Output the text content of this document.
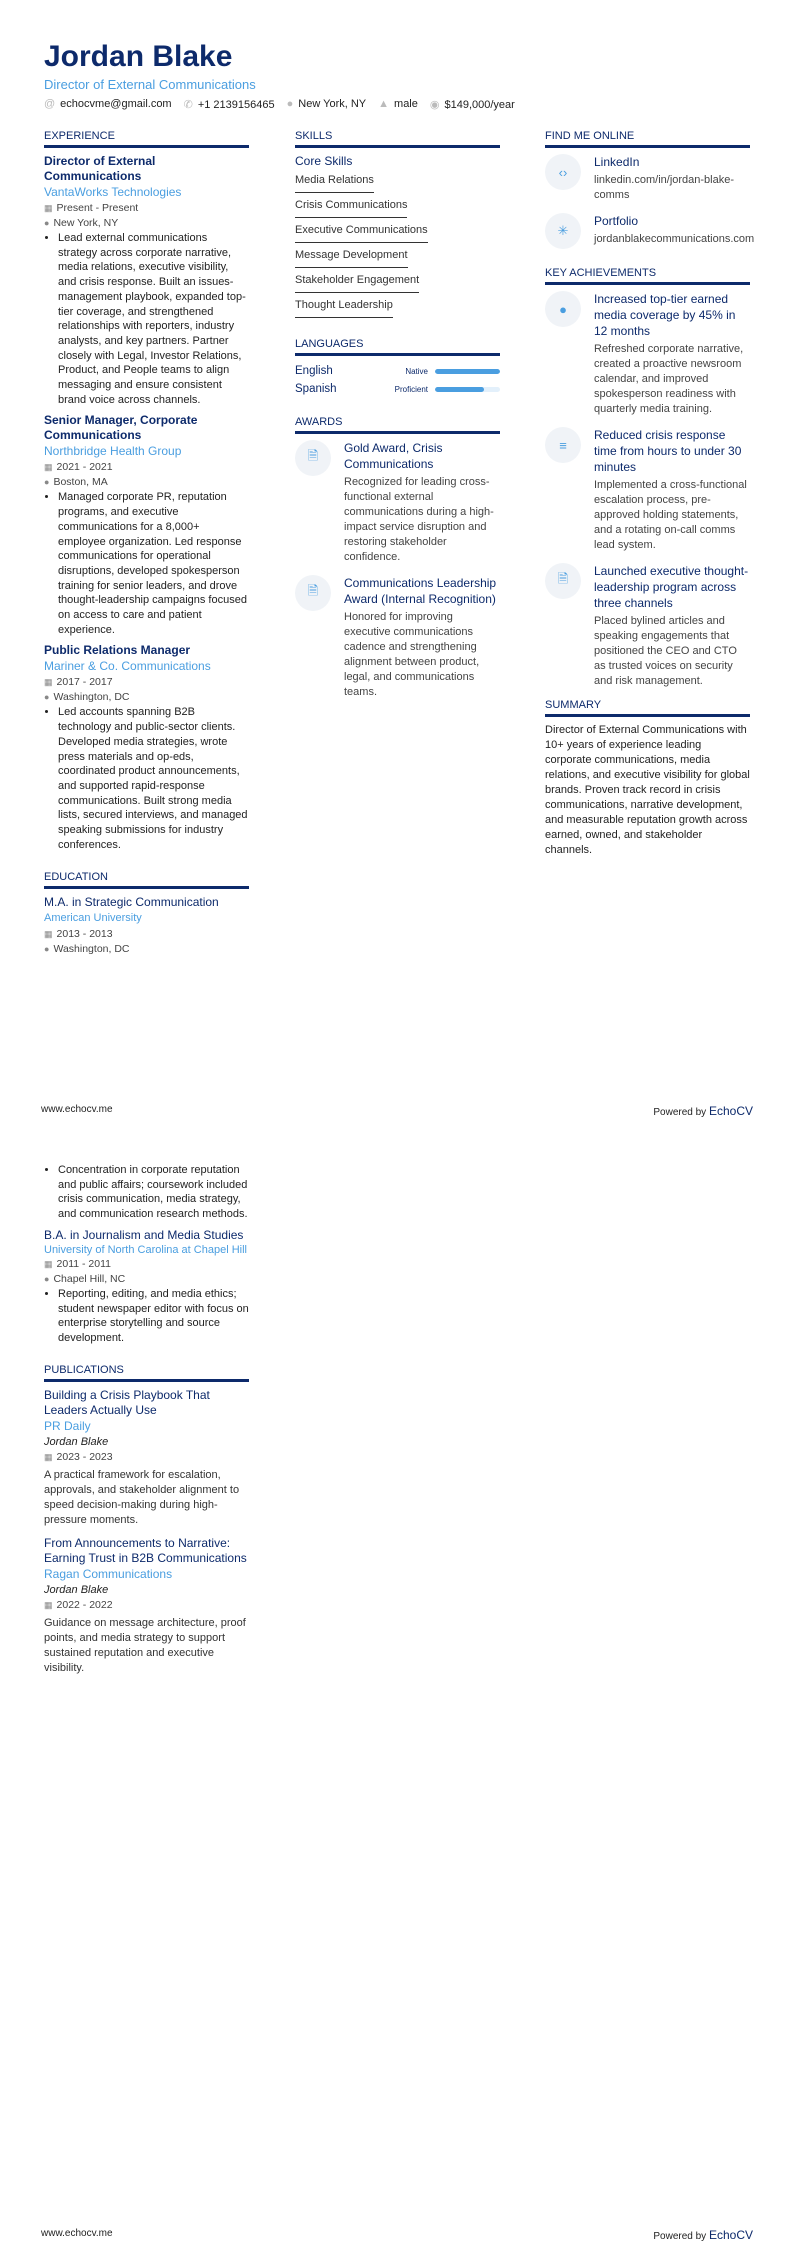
Jordan Blake
Director of External Communications
@ echocvme@gmail.com ✆ +1 2139156465 ● New York, NY ▲ male ◉ $149,000/year
EXPERIENCE
Director of External Communications
VantaWorks Technologies
▦ Present - Present
● New York, NY
• Lead external communications strategy across corporate narrative, media relations, executive visibility, and crisis response. Built an issues-management playbook, expanded top-tier coverage, and strengthened relationships with reporters, industry analysts, and key partners. Partner closely with Legal, Investor Relations, Product, and People teams to align messaging and ensure consistent brand voice across channels.
Senior Manager, Corporate Communications
Northbridge Health Group
▦ 2021 - 2021
● Boston, MA
• Managed corporate PR, reputation programs, and executive communications for a 8,000+ employee organization. Led response communications for operational disruptions, developed spokesperson training for senior leaders, and drove thought-leadership campaigns focused on access to care and patient experience.
Public Relations Manager
Mariner & Co. Communications
▦ 2017 - 2017
● Washington, DC
• Led accounts spanning B2B technology and public-sector clients. Developed media strategies, wrote press materials and op-eds, coordinated product announcements, and supported rapid-response communications. Built strong media lists, secured interviews, and managed speaking submissions for industry conferences.
EDUCATION
M.A. in Strategic Communication
American University
▦ 2013 - 2013
● Washington, DC
SKILLS
Core Skills
Media Relations
Crisis Communications
Executive Communications
Message Development
Stakeholder Engagement
Thought Leadership
LANGUAGES
English	Native
Spanish	Proficient
AWARDS
🗎	Gold Award, Crisis Communications
Recognized for leading cross-functional external communications during a high-impact service disruption and restoring stakeholder confidence.
🗎	Communications Leadership Award (Internal Recognition)
Honored for improving executive communications cadence and strengthening alignment between product, legal, and communications teams.
FIND ME ONLINE
‹›
LinkedIn
linkedin.com/in/jordan-blake-comms
✳
Portfolio
jordanblakecommunications.com
KEY ACHIEVEMENTS
●
Increased top-tier earned media coverage by 45% in 12 months
Refreshed corporate narrative, created a proactive newsroom calendar, and improved spokesperson readiness with quarterly media training.
≡
Reduced crisis response time from hours to under 30 minutes
Implemented a cross-functional escalation process, pre-approved holding statements, and a rotating on-call comms lead system.
🗎	Launched executive thought-leadership program across three channels
Placed bylined articles and speaking engagements that positioned the CEO and CTO as trusted voices on security and risk management.
SUMMARY
Director of External Communications with 10+ years of experience leading corporate communications, media relations, and executive visibility for global brands. Proven track record in crisis communications, narrative development, and measurable reputation growth across earned, owned, and stakeholder channels.
www.echocv.me	Powered by EchoCV
• Concentration in corporate reputation and public affairs; coursework included crisis communication, media strategy, and communication research methods.
B.A. in Journalism and Media Studies
University of North Carolina at Chapel Hill
▦ 2011 - 2011
● Chapel Hill, NC
• Reporting, editing, and media ethics; student newspaper editor with focus on enterprise storytelling and source development.
PUBLICATIONS
Building a Crisis Playbook That Leaders Actually Use
PR Daily
Jordan Blake
▦ 2023 - 2023
A practical framework for escalation, approvals, and stakeholder alignment to speed decision-making during high-pressure moments.
From Announcements to Narrative: Earning Trust in B2B Communications
Ragan Communications
Jordan Blake
▦ 2022 - 2022
Guidance on message architecture, proof points, and media strategy to support sustained reputation and executive visibility.
www.echocv.me	Powered by EchoCV
